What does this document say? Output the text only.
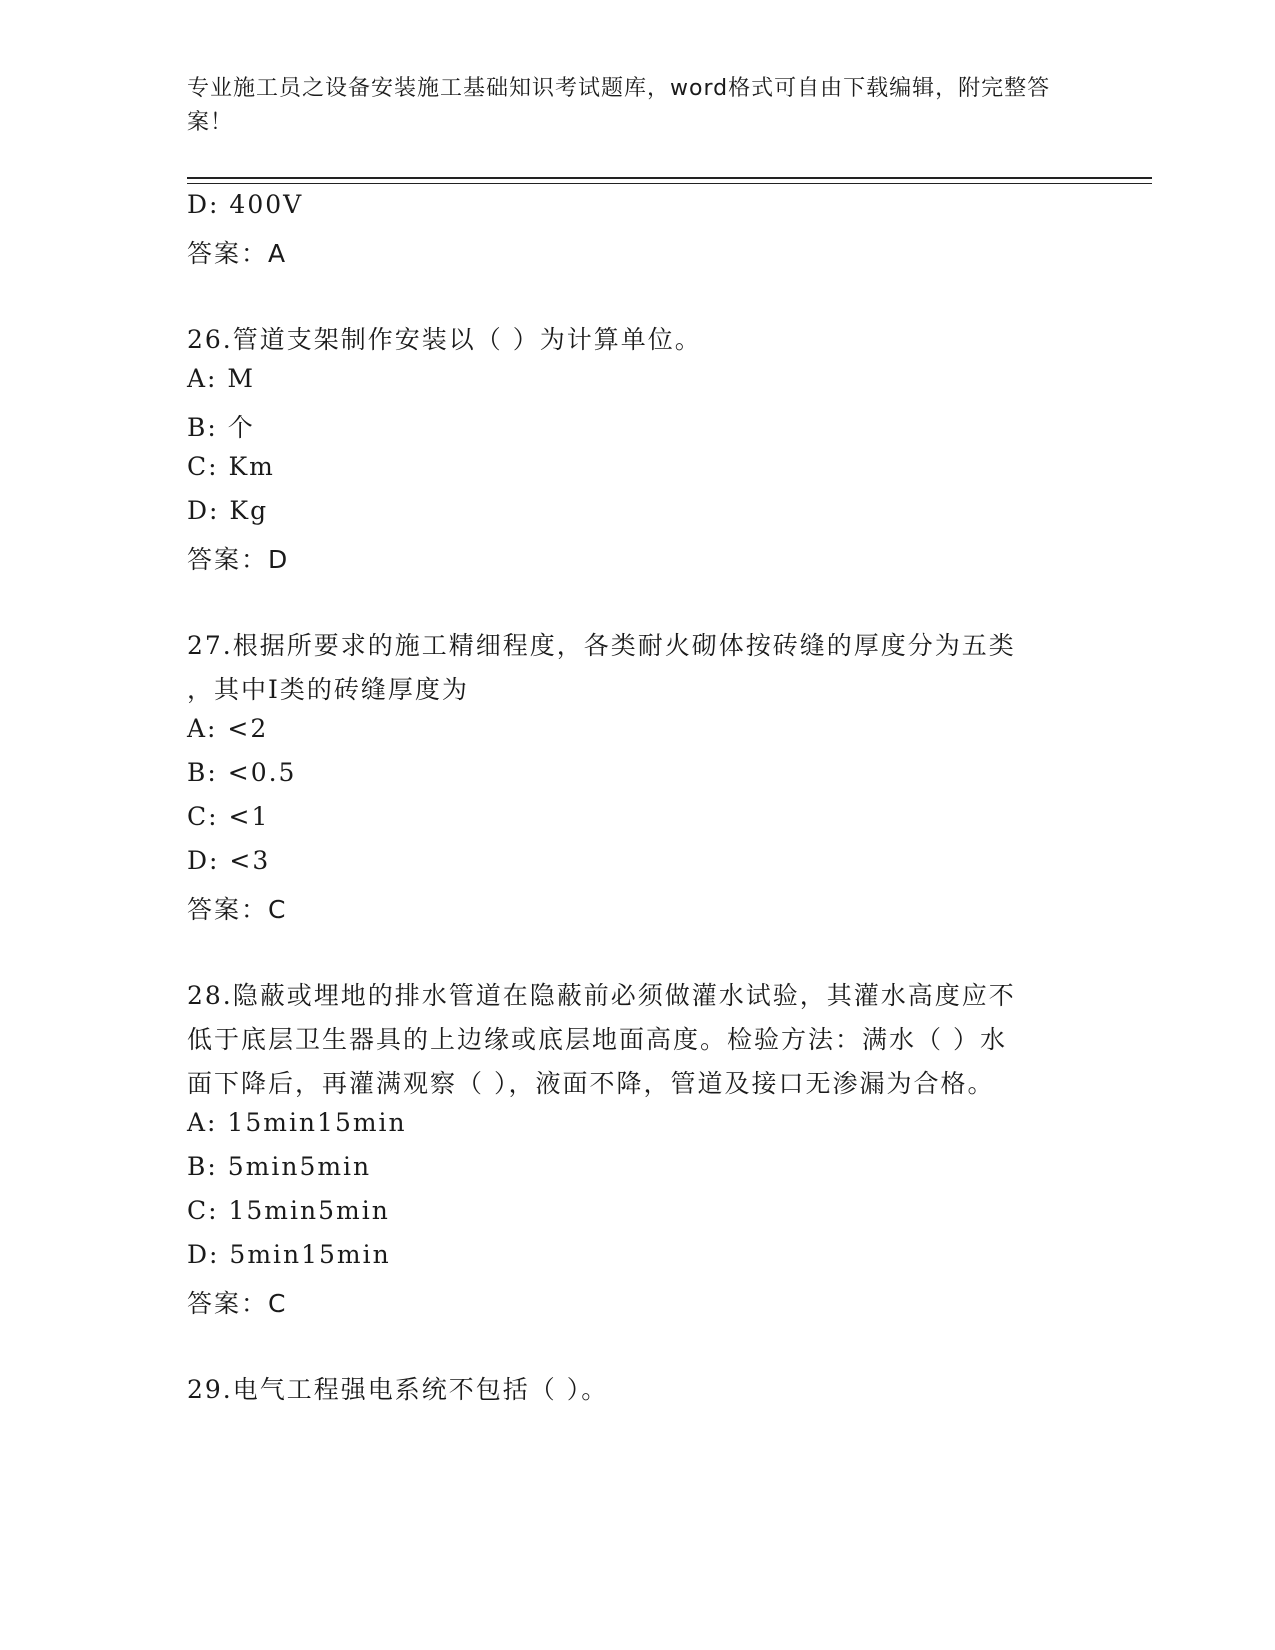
专业施工员之设备安装施工基础知识考试题库，word格式可自由下载编辑，附完整答案！
D: 400V
答案：A
26.管道支架制作安装以（ ）为计算单位。
A: M
B: 个
C: Km
D: Kg
答案：D
27.根据所要求的施工精细程度，各类耐火砌体按砖缝的厚度分为五类
，其中Ⅰ类的砖缝厚度为
A: <2
B: <0.5
C: <1
D: <3
答案：C
28.隐蔽或埋地的排水管道在隐蔽前必须做灌水试验，其灌水高度应不
低于底层卫生器具的上边缘或底层地面高度。检验方法：满水（ ）水
面下降后，再灌满观察（ ），液面不降，管道及接口无渗漏为合格。
A: 15min15min
B: 5min5min
C: 15min5min
D: 5min15min
答案：C
29.电气工程强电系统不包括（ ）。
